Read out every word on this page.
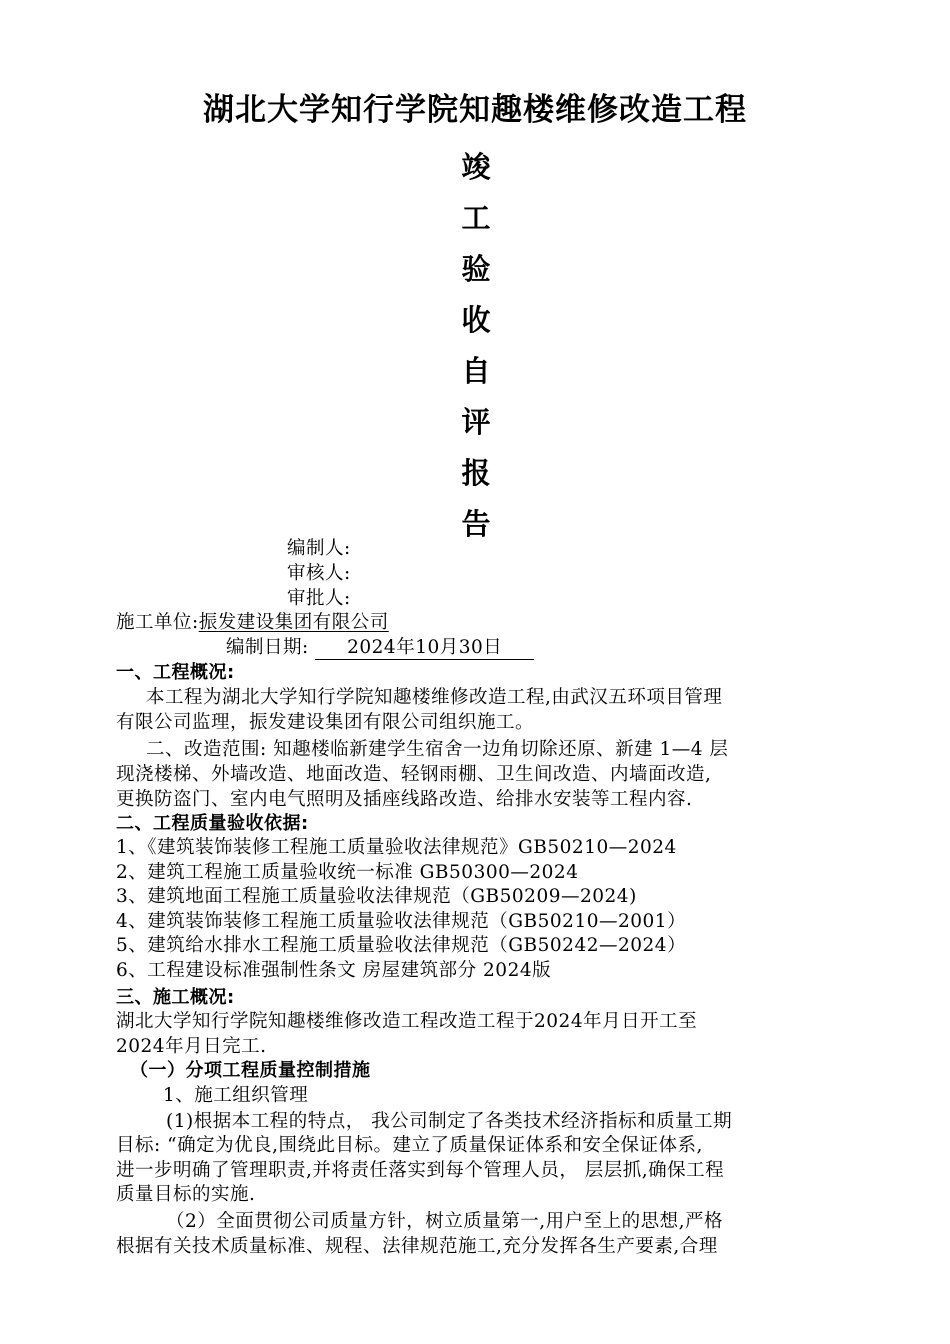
湖北大学知行学院知趣楼维修改造工程
竣
工
验
收
自
评
报
告
编制人:
审核人:
审批人:
施工单位:振发建设集团有限公司
编制日期: 2024年10月30日
一、工程概况:
本工程为湖北大学知行学院知趣楼维修改造工程,由武汉五环项目管理
有限公司监理，振发建设集团有限公司组织施工。
二、改造范围: 知趣楼临新建学生宿舍一边角切除还原、新建 1—4 层
现浇楼梯、外墙改造、地面改造、轻钢雨棚、卫生间改造、内墙面改造,
更换防盗门、室内电气照明及插座线路改造、给排水安装等工程内容.
二、工程质量验收依据:
1、《建筑装饰装修工程施工质量验收法律规范》GB50210—2024
2、建筑工程施工质量验收统一标准 GB50300—2024
3、建筑地面工程施工质量验收法律规范（GB50209—2024)
4、建筑装饰装修工程施工质量验收法律规范（GB50210—2001）
5、建筑给水排水工程施工质量验收法律规范（GB50242—2024）
6、工程建设标准强制性条文 房屋建筑部分 2024版
三、施工概况:
湖北大学知行学院知趣楼维修改造工程改造工程于2024年月日开工至
2024年月日完工.
（一）分项工程质量控制措施
1、施工组织管理
(1)根据本工程的特点， 我公司制定了各类技术经济指标和质量工期
目标: “确定为优良,围绕此目标。建立了质量保证体系和安全保证体系,
进一步明确了管理职责,并将责任落实到每个管理人员， 层层抓,确保工程
质量目标的实施.
（2）全面贯彻公司质量方针，树立质量第一,用户至上的思想,严格
根据有关技术质量标准、规程、法律规范施工,充分发挥各生产要素,合理
